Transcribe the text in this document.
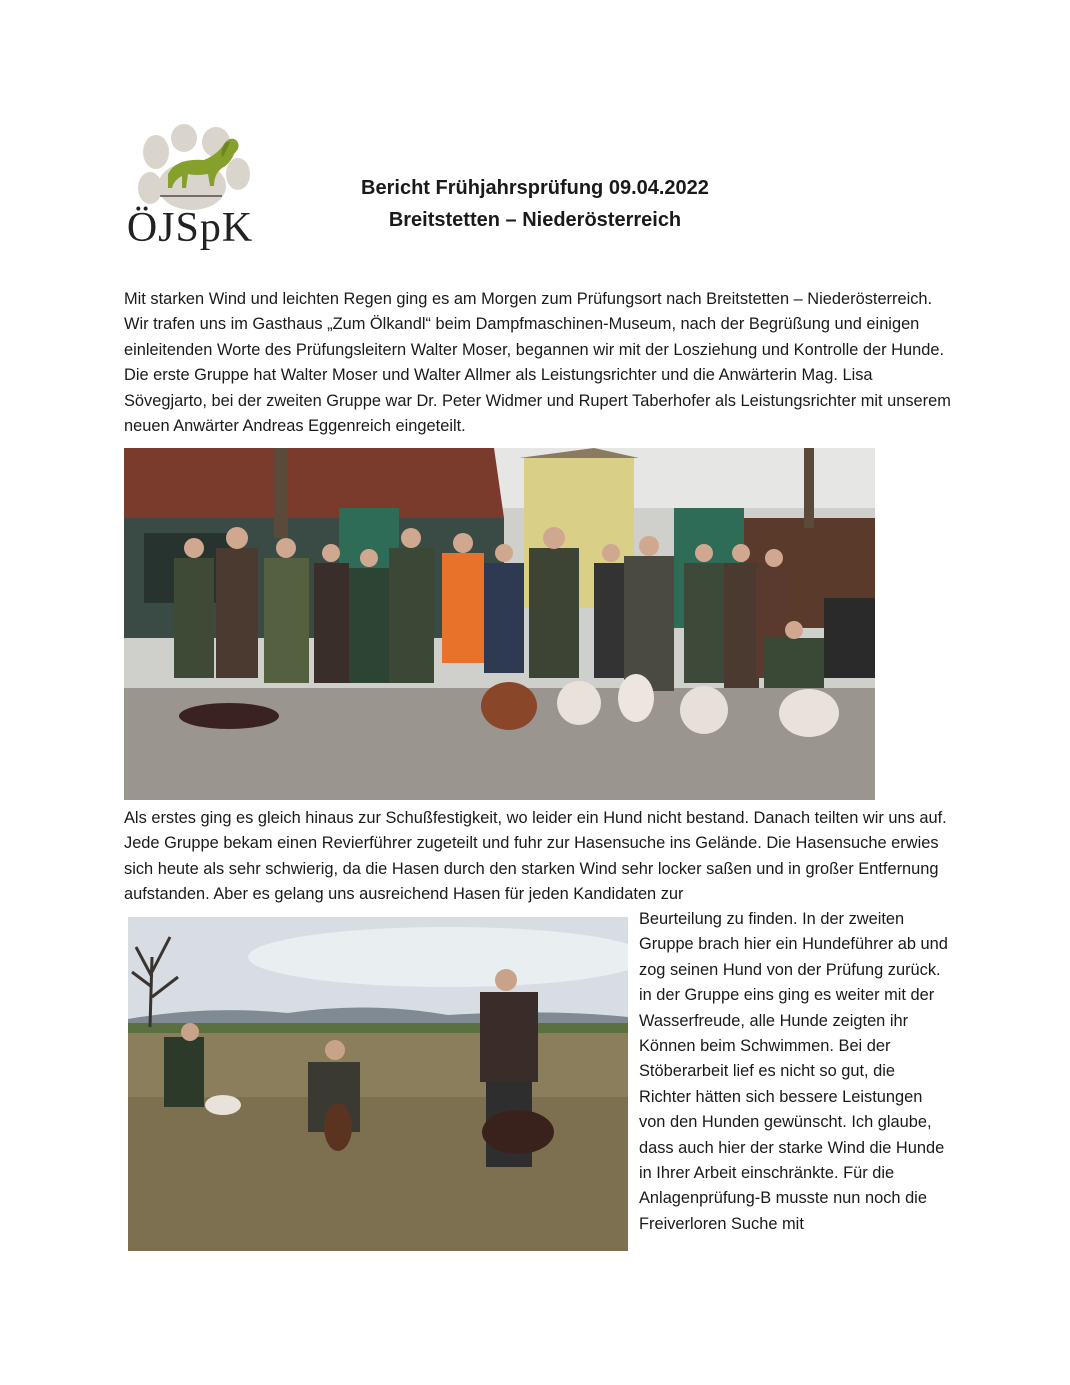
ÖJSpK
Bericht Frühjahrsprüfung 09.04.2022
Breitstetten – Niederösterreich

Mit starken Wind und leichten Regen ging es am Morgen zum Prüfungsort nach Breitstetten – Niederösterreich. Wir trafen uns im Gasthaus „Zum Ölkandl“ beim Dampfmaschinen-Museum, nach der Begrüßung und einigen einleitenden Worte des Prüfungsleitern Walter Moser, begannen wir mit der Losziehung und Kontrolle der Hunde. Die erste Gruppe hat Walter Moser und Walter Allmer als Leistungsrichter und die Anwärterin Mag. Lisa Sövegjarto, bei der zweiten Gruppe war Dr. Peter Widmer und Rupert Taberhofer als Leistungsrichter mit unserem neuen Anwärter Andreas Eggenreich eingeteilt.

Als erstes ging es gleich hinaus zur Schußfestigkeit, wo leider ein Hund nicht bestand. Danach teilten wir uns auf. Jede Gruppe bekam einen Revierführer zugeteilt und fuhr zur Hasensuche ins Gelände. Die Hasensuche erwies sich heute als sehr schwierig, da die Hasen durch den starken Wind sehr locker saßen und in großer Entfernung aufstanden. Aber es gelang uns ausreichend Hasen für jeden Kandidaten zur

Beurteilung zu finden. In der zweiten Gruppe brach hier ein Hundeführer ab und zog seinen Hund von der Prüfung zurück.
in der Gruppe eins ging es weiter mit der Wasserfreude, alle Hunde zeigten ihr Können beim Schwimmen. Bei der Stöberarbeit lief es nicht so gut, die Richter hätten sich bessere Leistungen von den Hunden gewünscht. Ich glaube, dass auch hier der starke Wind die Hunde in Ihrer Arbeit einschränkte. Für die Anlagenprüfung-B musste nun noch die Freiverloren Suche mit
